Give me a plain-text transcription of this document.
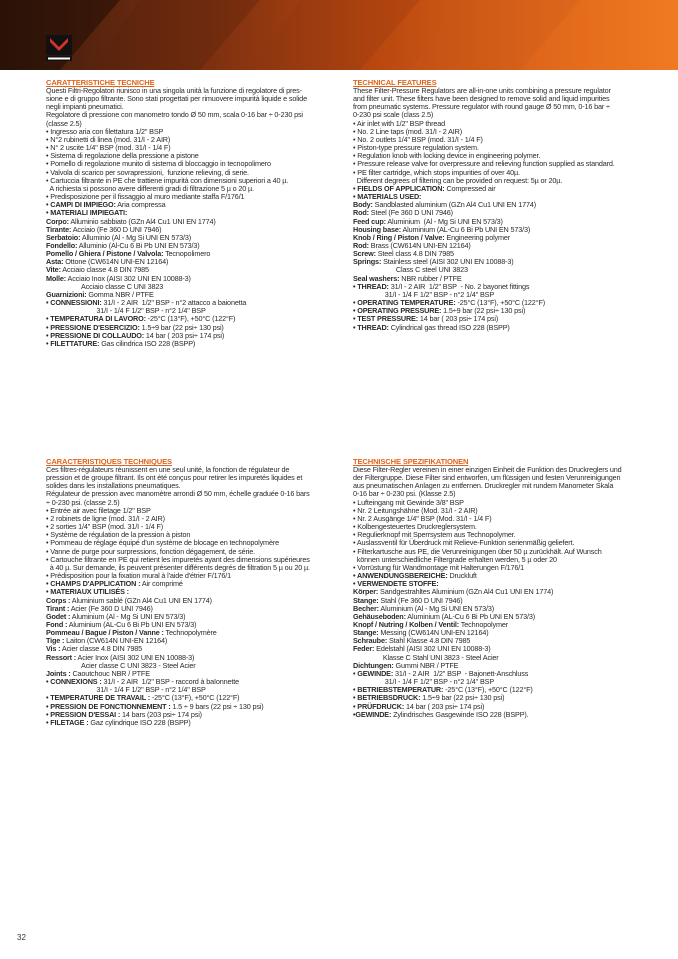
CARATTERISTICHE TECNICHE
Questi Filtri-Regolatori riunisco in una singola unità la funzione di regolatore di pres-
sione e di gruppo filtrante. Sono stati progettati per rimuovere impurità liquide e solide
negli impianti pneumatici.
Regolatore di pressione con manometro tondo Ø 50 mm, scala 0-16 bar ÷ 0-230 psi
(classe 2.5)
• Ingresso aria con filettatura 1/2" BSP
• N°2 rubinetti di linea (mod. 31/I - 2 AIR)
• N° 2 uscite 1/4" BSP (mod. 31/I - 1/4 F)
• Sistema di regolazione della pressione a pistone
• Pomello di regolazione munito di sistema di bloccaggio in tecnopolimero
• Valvola di scarico per sovrapressioni,  funzione relieving, di serie.
• Cartuccia filtrante in PE che trattiene impurità con dimensioni superiori a 40 µ.
A richiesta si possono avere differenti gradi di filtrazione 5 µ o 20 µ.
• Predisposizione per il fissaggio al muro mediante staffa F/176/1
• CAMPI DI IMPIEGO: Aria compressa
• MATERIALI IMPIEGATI:
Corpo: Alluminio sabbiato (GZn Al4 Cu1 UNI EN 1774)
Tirante: Acciaio (Fe 360 D UNI 7946)
Serbatoio: Alluminio (Al - Mg Si UNI EN 573/3)
Fondello: Alluminio (Al-Cu 6 Bi Pb UNI EN 573/3)
Pomello / Ghiera / Pistone / Valvola: Tecnopolimero
Asta: Ottone (CW614N UNI-EN 12164)
Vite: Acciaio classe 4.8 DIN 7985
Molle: Acciaio Inox (AISI 302 UNI EN 10088-3)
Acciaio classe C UNI 3823
Guarnizioni: Gomma NBR / PTFE
• CONNESSIONI: 31/I - 2 AIR  1/2" BSP - n°2 attacco a baionetta
31/I - 1/4 F 1/2" BSP - n°2 1/4" BSP
• TEMPERATURA DI LAVORO: -25°C (13°F), +50°C (122°F)
• PRESSIONE D'ESERCIZIO: 1.5÷9 bar (22 psi÷ 130 psi)
• PRESSIONE DI COLLAUDO: 14 bar ( 203 psi÷ 174 psi)
• FILETTATURE: Gas cilindrica ISO 228 (BSPP)
CARACTERISTIQUES TECHNIQUES
Ces filtres-régulateurs réunissent en une seul unité, la fonction de régulateur de
pression et de groupe filtrant. Ils ont été conçus pour retirer les impuretés liquides et
solides dans les installations pneumatiques.
Régulateur de pression avec manomètre arrondi Ø 50 mm, échelle graduée 0-16 bars
÷ 0-230 psi. (classe 2.5)
• Entrée air avec filetage 1/2" BSP
• 2 robinets de ligne (mod. 31/I - 2 AIR)
• 2 sorties 1/4" BSP (mod. 31/I - 1/4 F)
• Système de régulation de la pression à piston
• Pommeau de réglage équipé d'un système de blocage en technopolymère
• Vanne de purge pour surpressions, fonction dégagement, de série.
• Cartouche filtrante en PE qui retient les impuretés ayant des dimensions supérieures
à 40 µ. Sur demande, ils peuvent présenter différents degrés de filtration 5 µ ou 20 µ.
• Prédisposition pour la fixation mural à l'aide d'étrier F/176/1
• CHAMPS D'APPLICATION : Air comprimé
• MATERIAUX UTILISÉS :
Corps : Aluminium sablé (GZn Al4 Cu1 UNI EN 1774)
Tirant : Acier (Fe 360 D UNI 7946)
Godet : Aluminium (Al - Mg Si UNI EN 573/3)
Fond : Aluminium (AL-Cu 6 Bi Pb UNI EN 573/3)
Pommeau / Bague / Piston / Vanne : Technopolymère
Tige : Laiton (CW614N UNI-EN 12164)
Vis : Acier classe 4.8 DIN 7985
Ressort : Acier Inox (AISI 302 UNI EN 10088-3)
Acier classe C UNI 3823 - Steel Acier
Joints : Caoutchouc NBR / PTFE
• CONNEXIONS : 31/I - 2 AIR  1/2" BSP - raccord à baïonnette
31/I - 1/4 F 1/2" BSP - n°2 1/4" BSP
• TEMPERATURE DE TRAVAIL : -25°C (13°F), +50°C (122°F)
• PRESSION DE FONCTIONNEMENT : 1.5 ÷ 9 bars (22 psi ÷ 130 psi)
• PRESSION D'ESSAI : 14 bars (203 psi÷ 174 psi)
• FILETAGE : Gaz cylindrique ISO 228 (BSPP)
TECHNICAL FEATURES
These Filter-Pressure Regulators are all-in-one units combining a pressure regulator
and filter unit. These filters have been designed to remove solid and liquid impurities
from pneumatic systems. Pressure regulator with round gauge Ø 50 mm, 0-16 bar ÷
0-230 psi scale (class 2.5)
• Air inlet with 1/2" BSP thread
• No. 2 Line taps (mod. 31/I - 2 AIR)
• No. 2 outlets 1/4" BSP (mod. 31/I - 1/4 F)
• Piston-type pressure regulation system.
• Regulation knob with locking device in engineering polymer.
• Pressure release valve for overpressure and relieving function supplied as standard.
• PE filter cartridge, which stops impurities of over 40µ.
Different degrees of filtering can be provided on request: 5µ or 20µ.
• FIELDS OF APPLICATION: Compressed air
• MATERIALS USED:
Body: Sandblasted aluminium (GZn Al4 Cu1 UNI EN 1774)
Rod: Steel (Fe 360 D UNI 7946)
Feed cup: Aluminium  (Al - Mg Si UNI EN 573/3)
Housing base: Aluminium (AL-Cu 6 Bi Pb UNI EN 573/3)
Knob / Ring / Piston / Valve: Engineering polymer
Rod: Brass (CW614N UNI-EN 12164)
Screw: Steel class 4.8 DIN 7985
Springs: Stainless steel (AISI 302 UNI EN 10088-3)
Class C steel UNI 3823
Seal washers: NBR rubber / PTFE
• THREAD: 31/I - 2 AIR  1/2" BSP  - No. 2 bayonet fittings
31/I - 1/4 F 1/2" BSP - n°2 1/4" BSP
• OPERATING TEMPERATURE: -25°C (13°F), +50°C (122°F)
• OPERATING PRESSURE: 1.5÷9 bar (22 psi÷ 130 psi)
• TEST PRESSURE: 14 bar ( 203 psi÷ 174 psi)
• THREAD: Cylindrical gas thread ISO 228 (BSPP)
TECHNISCHE SPEZIFIKATIONEN
Diese Filter-Regler vereinen in einer einzigen Einheit die Funktion des Druckreglers und
der Filtergruppe. Diese Filter sind entworfen, um flüssigen und festen Verunreinigungen
aus pneumatischen Anlagen zu entfernen. Druckregler mit rundem Manometer Skala
0-16 bar ÷ 0-230 psi. (Klasse 2.5)
• Lufteingang mit Gewinde 3/8" BSP
• Nr. 2 Leitungshähne (Mod. 31/I - 2 AIR)
• Nr. 2 Ausgänge 1/4" BSP (Mod. 31/I - 1/4 F)
• Kolbengesteuertes Druckreglersystem.
• Regulierknopf mit Sperrsystem aus Technopolymer.
• Auslassventil für Überdruck mit Relieve-Funktion serienmäßig geliefert.
• Filterkartusche aus PE, die Verunreinigungen über 50 µ zurückhält. Auf Wunsch
können unterschiedliche Filtergrade erhalten werden, 5 µ oder 20
• Vorrüstung für Wandmontage mit Halterungen F/176/1
• ANWENDUNGSBEREICHE: Druckluft
• VERWENDETE STOFFE:
Körper: Sandgestrahltes Aluminium (GZn Al4 Cu1 UNI EN 1774)
Stange: Stahl (Fe 360 D UNI 7946)
Becher: Aluminium (Al - Mg Si UNI EN 573/3)
Gehäuseboden: Aluminium (AL-Cu 6 Bi Pb UNI EN 573/3)
Knopf / Nutring / Kolben / Ventil: Technopolymer
Stange: Messing (CW614N UNI-EN 12164)
Schraube: Stahl Klasse 4.8 DIN 7985
Feder: Edelstahl (AISI 302 UNI EN 10088-3)
Klasse C Stahl UNI 3823 - Steel Acier
Dichtungen: Gummi NBR / PTFE
• GEWINDE: 31/I - 2 AIR  1/2" BSP  - Bajonett-Anschluss
31/I - 1/4 F 1/2" BSP - n°2 1/4" BSP
• BETRIEBSTEMPERATUR: -25°C (13°F), +50°C (122°F)
• BETRIEBSDRUCK: 1.5÷9 bar (22 psi÷ 130 psi)
• PRÜFDRUCK: 14 bar ( 203 psi÷ 174 psi)
•GEWINDE: Zylindrisches Gasgewinde ISO 228 (BSPP).
32
